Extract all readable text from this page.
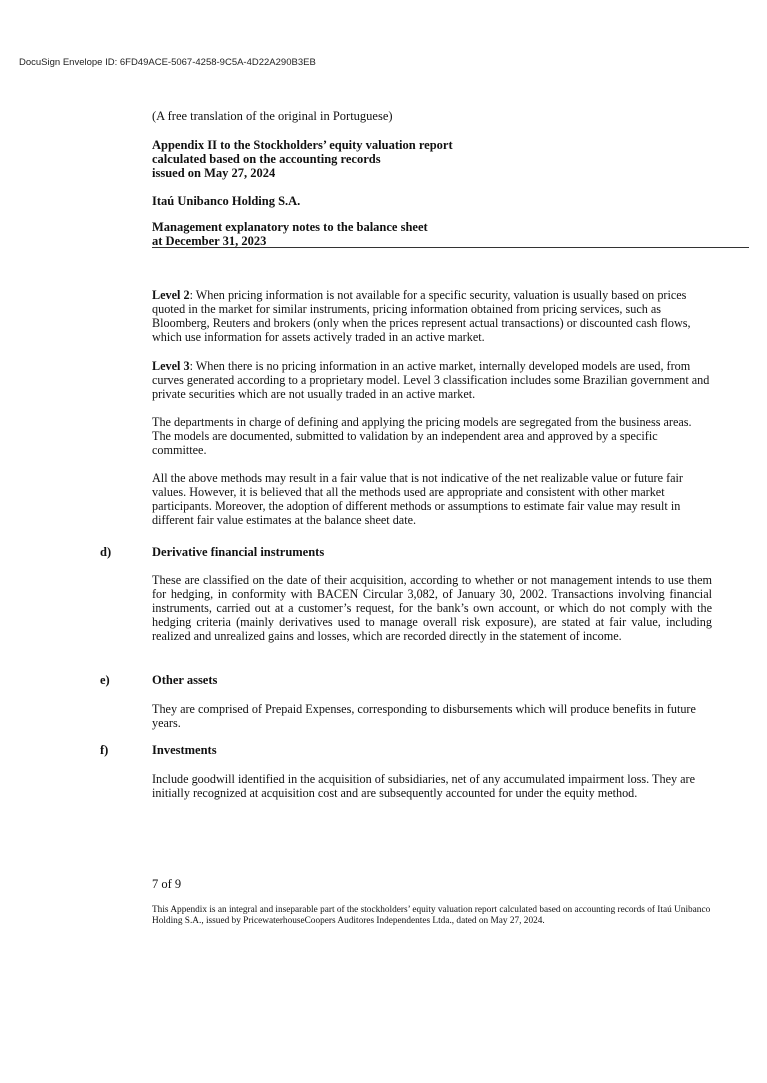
DocuSign Envelope ID: 6FD49ACE-5067-4258-9C5A-4D22A290B3EB
(A free translation of the original in Portuguese)
Appendix II to the Stockholders’ equity valuation report
calculated based on the accounting records
issued on May 27, 2024
Itaú Unibanco Holding S.A.
Management explanatory notes to the balance sheet
at December 31, 2023
Level 2: When pricing information is not available for a specific security, valuation is usually based on prices quoted in the market for similar instruments, pricing information obtained from pricing services, such as Bloomberg, Reuters and brokers (only when the prices represent actual transactions) or discounted cash flows, which use information for assets actively traded in an active market.
Level 3: When there is no pricing information in an active market, internally developed models are used, from curves generated according to a proprietary model. Level 3 classification includes some Brazilian government and private securities which are not usually traded in an active market.
The departments in charge of defining and applying the pricing models are segregated from the business areas. The models are documented, submitted to validation by an independent area and approved by a specific committee.
All the above methods may result in a fair value that is not indicative of the net realizable value or future fair values. However, it is believed that all the methods used are appropriate and consistent with other market participants. Moreover, the adoption of different methods or assumptions to estimate fair value may result in different fair value estimates at the balance sheet date.
d)	Derivative financial instruments
These are classified on the date of their acquisition, according to whether or not management intends to use them for hedging, in conformity with BACEN Circular 3,082, of January 30, 2002. Transactions involving financial instruments, carried out at a customer’s request, for the bank’s own account, or which do not comply with the hedging criteria (mainly derivatives used to manage overall risk exposure), are stated at fair value, including realized and unrealized gains and losses, which are recorded directly in the statement of income.
e)	Other assets
They are comprised of Prepaid Expenses, corresponding to disbursements which will produce benefits in future years.
f)	Investments
Include goodwill identified in the acquisition of subsidiaries, net of any accumulated impairment loss. They are initially recognized at acquisition cost and are subsequently accounted for under the equity method.
7 of 9
This Appendix is an integral and inseparable part of the stockholders’ equity valuation report calculated based on accounting records of Itaú Unibanco Holding S.A., issued by PricewaterhouseCoopers Auditores Independentes Ltda., dated on May 27, 2024.
